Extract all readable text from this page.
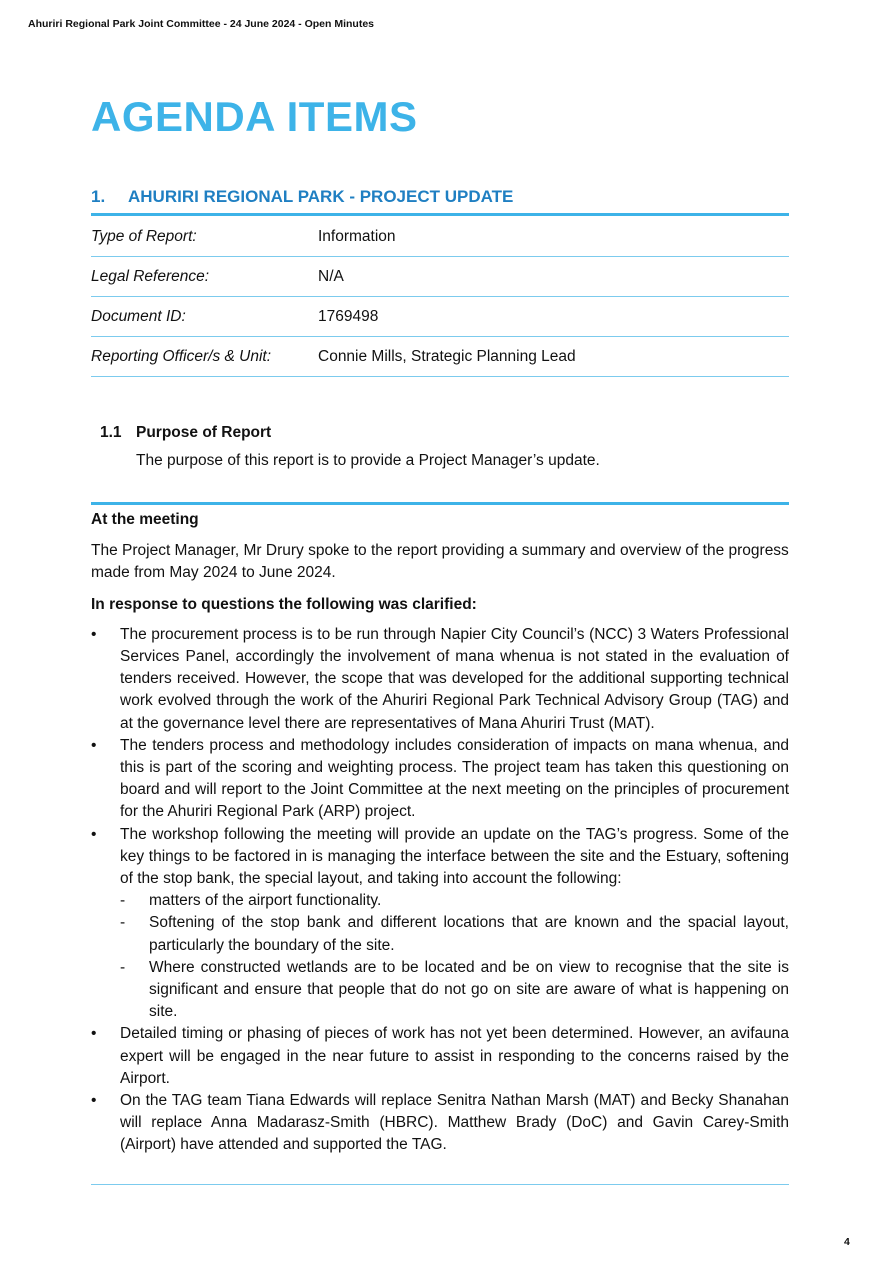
Ahuriri Regional Park Joint Committee - 24 June 2024 - Open Minutes
AGENDA ITEMS
1. AHURIRI REGIONAL PARK - PROJECT UPDATE
Type of Report:	Information
Legal Reference:	N/A
Document ID:	1769498
Reporting Officer/s & Unit:	Connie Mills, Strategic Planning Lead
1.1 Purpose of Report
The purpose of this report is to provide a Project Manager’s update.

At the meeting

The Project Manager, Mr Drury spoke to the report providing a summary and overview of the progress made from May 2024 to June 2024.

In response to questions the following was clarified:

• The procurement process is to be run through Napier City Council’s (NCC) 3 Waters Professional Services Panel, accordingly the involvement of mana whenua is not stated in the evaluation of tenders received. However, the scope that was developed for the additional supporting technical work evolved through the work of the Ahuriri Regional Park Technical Advisory Group (TAG) and at the governance level there are representatives of Mana Ahuriri Trust (MAT).
• The tenders process and methodology includes consideration of impacts on mana whenua, and this is part of the scoring and weighting process. The project team has taken this questioning on board and will report to the Joint Committee at the next meeting on the principles of procurement for the Ahuriri Regional Park (ARP) project.
• The workshop following the meeting will provide an update on the TAG’s progress. Some of the key things to be factored in is managing the interface between the site and the Estuary, softening of the stop bank, the special layout, and taking into account the following:
- matters of the airport functionality.
- Softening of the stop bank and different locations that are known and the spacial layout, particularly the boundary of the site.
- Where constructed wetlands are to be located and be on view to recognise that the site is significant and ensure that people that do not go on site are aware of what is happening on site.
• Detailed timing or phasing of pieces of work has not yet been determined. However, an avifauna expert will be engaged in the near future to assist in responding to the concerns raised by the Airport.
• On the TAG team Tiana Edwards will replace Senitra Nathan Marsh (MAT) and Becky Shanahan will replace Anna Madarasz-Smith (HBRC). Matthew Brady (DoC) and Gavin Carey-Smith (Airport) have attended and supported the TAG.
4
